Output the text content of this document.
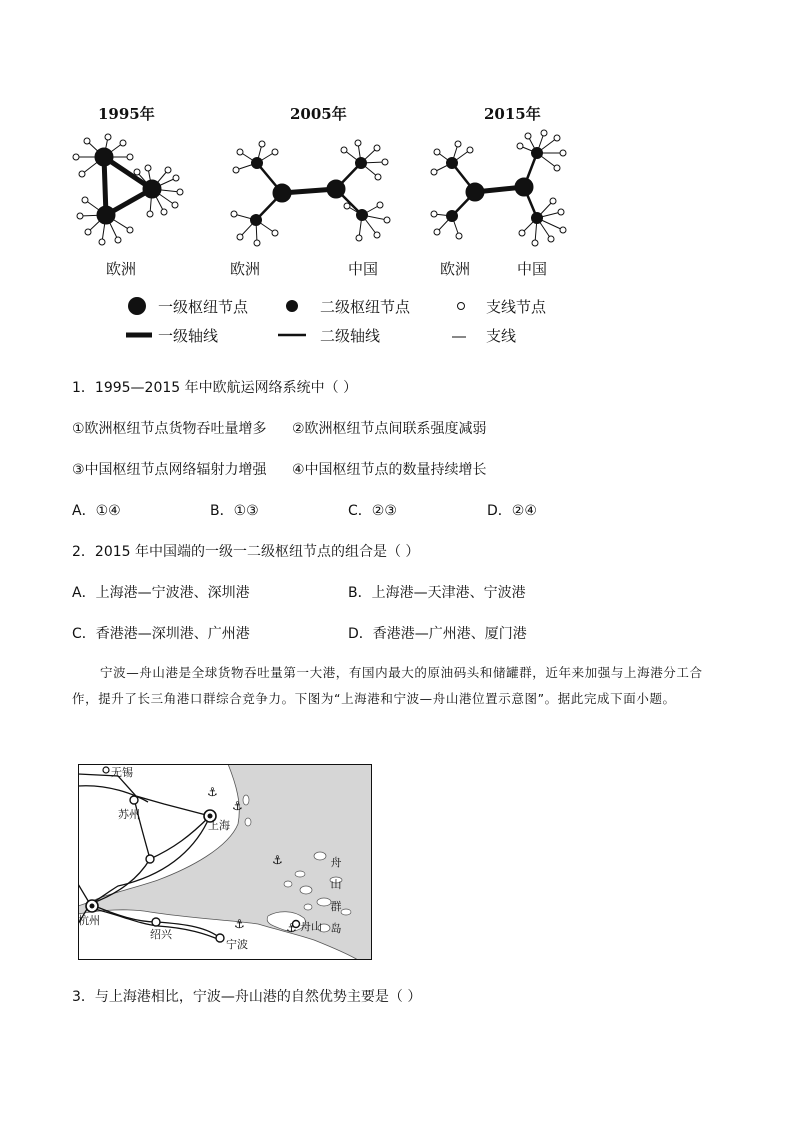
1995年	2005年	2015年
欧洲	欧洲	中国	欧洲	中国
一级枢纽节点	二级枢纽节点	支线节点
一级轴线	二级轴线	支线
1．1995—2015 年中欧航运网络系统中（ ）
①欧洲枢纽节点货物吞吐量增多 ②欧洲枢纽节点间联系强度减弱
③中国枢纽节点网络辐射力增强 ④中国枢纽节点的数量持续增长
A．①④	B．①③	C．②③	D．②④
2．2015 年中国端的一级一二级枢纽节点的组合是（ ）
A．上海港—宁波港、深圳港	B．上海港—天津港、宁波港
C．香港港—深圳港、广州港	D．香港港—广州港、厦门港
宁波—舟山港是全球货物吞吐量第一大港，有国内最大的原油码头和储罐群，近年来加强与上海港分工合作，提升了长三角港口群综合竞争力。下图为“上海港和宁波—舟山港位置示意图”。据此完成下面小题。
⚓
⚓
⚓
⚓	⚓
无锡
苏州
上海
杭州
绍兴
宁波
舟山
舟
山
群
岛
3．与上海港相比，宁波—舟山港的自然优势主要是（ ）
